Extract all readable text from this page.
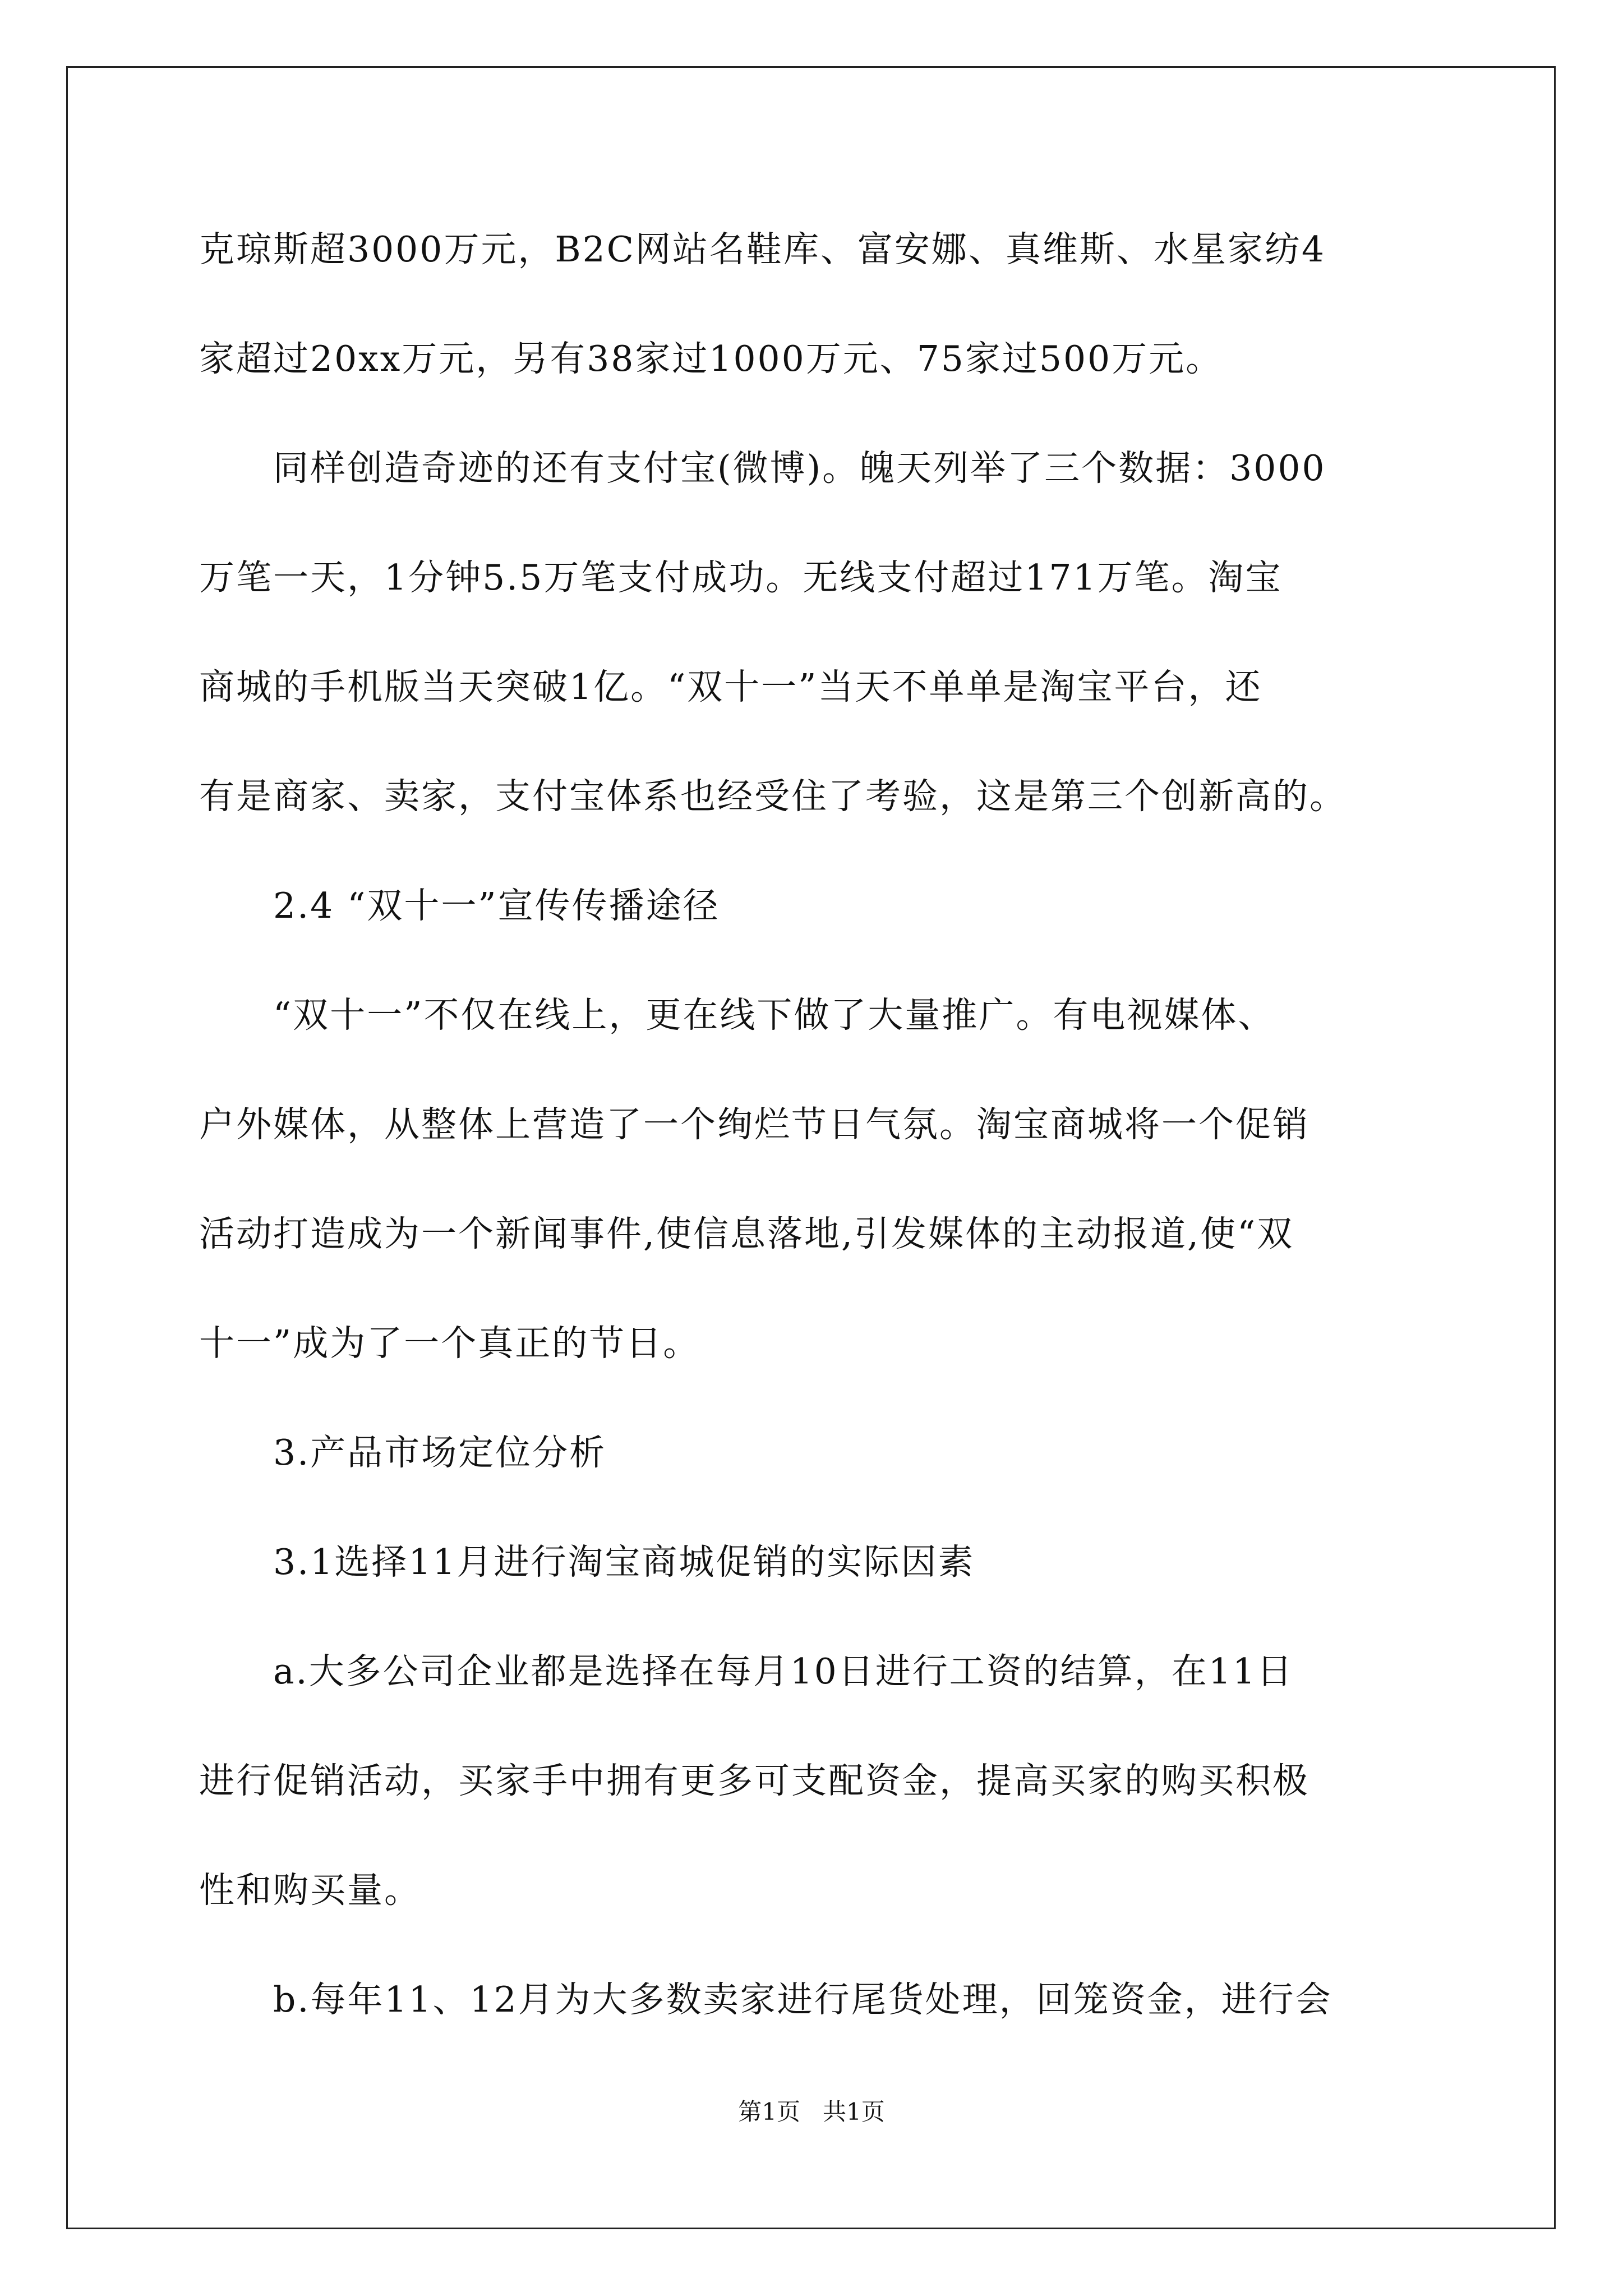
克琼斯超3000万元，B2C网站名鞋库、富安娜、真维斯、水星家纺4
家超过20xx万元，另有38家过1000万元、75家过500万元。
同样创造奇迹的还有支付宝(微博)。魄天列举了三个数据：3000
万笔一天，1分钟5.5万笔支付成功。无线支付超过171万笔。淘宝
商城的手机版当天突破1亿。“双十一”当天不单单是淘宝平台，还
有是商家、卖家，支付宝体系也经受住了考验，这是第三个创新高的。
2.4 “双十一”宣传传播途径
“双十一”不仅在线上，更在线下做了大量推广。有电视媒体、
户外媒体，从整体上营造了一个绚烂节日气氛。淘宝商城将一个促销
活动打造成为一个新闻事件,使信息落地,引发媒体的主动报道,使“双
十一”成为了一个真正的节日。
3.产品市场定位分析
3.1选择11月进行淘宝商城促销的实际因素
a.大多公司企业都是选择在每月10日进行工资的结算，在11日
进行促销活动，买家手中拥有更多可支配资金，提高买家的购买积极
性和购买量。
b.每年11、12月为大多数卖家进行尾货处理，回笼资金，进行会
第1页   共1页
